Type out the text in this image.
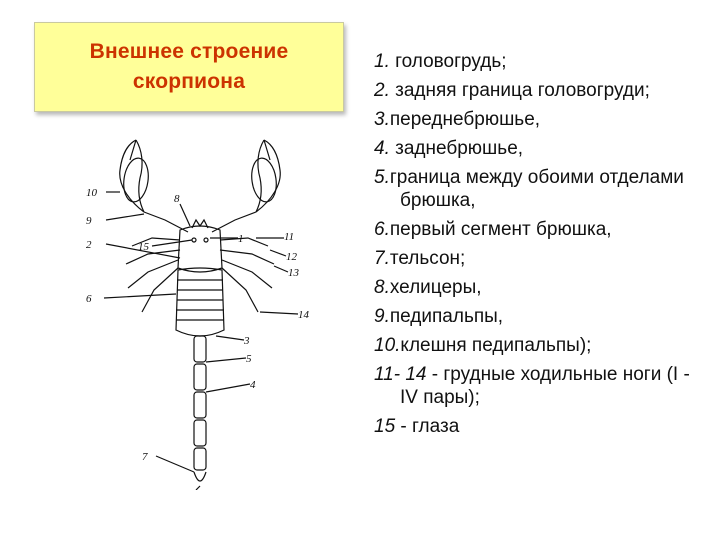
Внешнее строение
скорпиона
10
9
8
2	15
1	11
12
13
6
14
3
5
4
7
1. головогрудь;
2. задняя граница головогруди;
3.переднебрюшье,
4. заднебрюшье,
5.граница между обоими отделами брюшка,
6.первый сегмент брюшка,
7.тельсон;
8.хелицеры,
9.педипальпы,
10.клешня педипальпы);
11- 14 - грудные ходильные ноги (I -IV пары);
15 - глаза
